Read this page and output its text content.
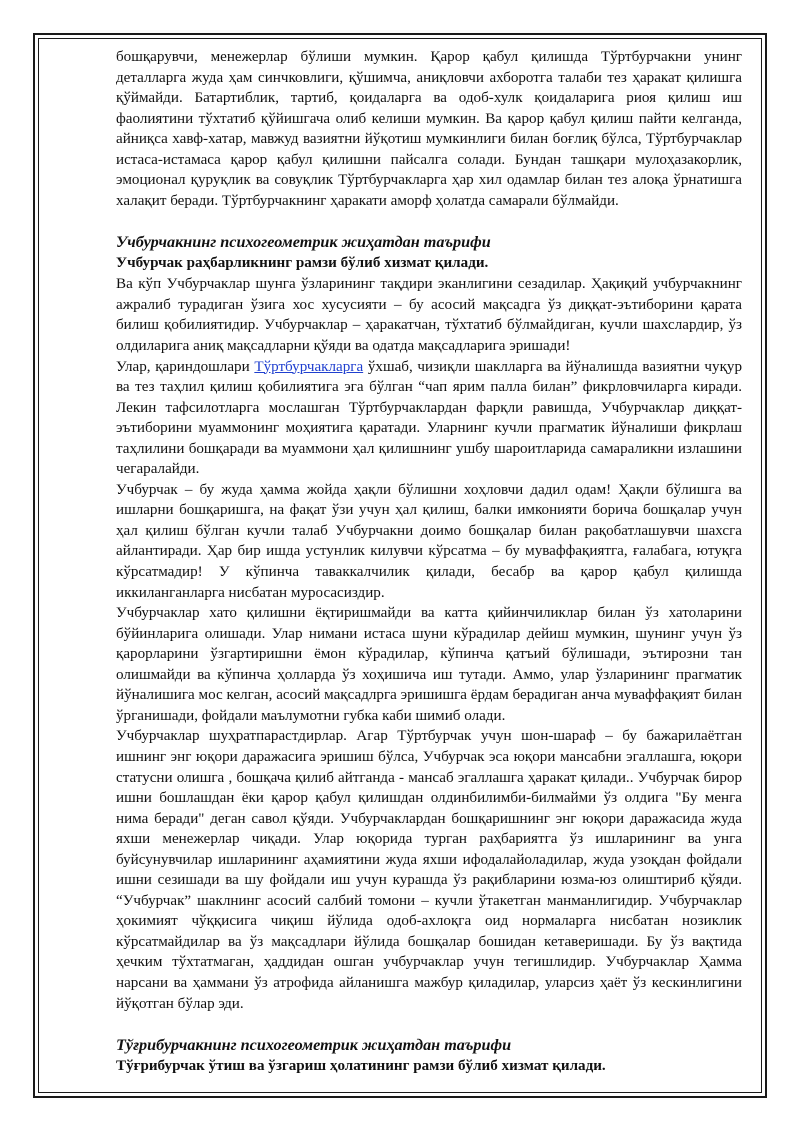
бошқарувчи, менежерлар бўлиши мумкин. Қарор қабул қилишда Тўртбурчакни унинг деталларга жуда ҳам синчковлиги, қўшимча, аниқловчи ахборотга талаби тез ҳаракат қилишга қўймайди. Батартиблик, тартиб, қоидаларга ва одоб-хулк қоидаларига риоя қилиш иш фаолиятини тўхтатиб қўйишгача олиб келиши мумкин. Ва қарор қабул қилиш пайти келганда, айниқса хавф-хатар, мавжуд вазиятни йўқотиш мумкинлиги билан боғлиқ бўлса, Тўртбурчаклар истаса-истамаса қарор қабул қилишни пайсалга солади. Бундан ташқари мулоҳазакорлик, эмоционал қуруқлик ва совуқлик Тўртбурчакларга ҳар хил одамлар билан тез алоқа ўрнатишга халақит беради. Тўртбурчакнинг ҳаракати аморф ҳолатда самарали бўлмайди.

Учбурчакнинг психогеометрик жиҳатдан таърифи
Учбурчак раҳбарликнинг рамзи бўлиб хизмат қилади.

Ва кўп Учбурчаклар шунга ўзларининг тақдири эканлигини сезадилар. Ҳақиқий учбурчакнинг ажралиб турадиган ўзига хос хусусияти – бу асосий мақсадга ўз диққат-эътиборини қарата билиш қобилиятидир. Учбурчаклар – ҳаракатчан, тўхтатиб бўлмайдиган, кучли шахслардир, ўз олдиларига аниқ мақсадларни қўяди ва одатда мақсадларига эришади!

Улар, қариндошлари Тўртбурчакларга ўхшаб, чизиқли шаклларга ва йўналишда вазиятни чуқур ва тез таҳлил қилиш қобилиятига эга бўлган “чап ярим палла билан” фикрловчиларга киради. Лекин тафсилотларга мослашган Тўртбурчаклардан фарқли равишда, Учбурчаклар диққат-эътиборини муаммонинг моҳиятига қаратади. Уларнинг кучли прагматик йўналиши фикрлаш таҳлилини бошқаради ва муаммони ҳал қилишнинг ушбу шароитларида самараликни излашини чегаралайди.

Учбурчак – бу жуда ҳамма жойда ҳақли бўлишни хоҳловчи дадил одам! Ҳақли бўлишга ва ишларни бошқаришга, на фақат ўзи учун ҳал қилиш, балки имконияти борича бошқалар учун ҳал қилиш бўлган кучли талаб Учбурчакни доимо бошқалар билан рақобатлашувчи шахсга айлантиради. Ҳар бир ишда устунлик килувчи кўрсатма – бу муваффақиятга, ғалабага, ютуқга кўрсатмадир! У кўпинча таваккалчилик қилади, бесабр ва қарор қабул қилишда иккиланганларга нисбатан муросасиздир.

Учбурчаклар хато қилишни ёқтиришмайди ва катта қийинчиликлар билан ўз хатоларини бўйинларига олишади. Улар нимани истаса шуни кўрадилар дейиш мумкин, шунинг учун ўз қарорларини ўзгартиришни ёмон кўрадилар, кўпинча қатъий бўлишади, эътирозни тан олишмайди ва кўпинча ҳолларда ўз хоҳишича иш тутади. Аммо, улар ўзларининг прагматик йўналишига мос келган, асосий мақсадлрга эришишга ёрдам берадиган анча муваффақият билан ўрганишади, фойдали маълумотни губка каби шимиб олади.

Учбурчаклар шуҳратпарастдирлар. Агар Тўртбурчак учун шон-шараф – бу бажарилаётган ишнинг энг юқори даражасига эришиш бўлса, Учбурчак эса юқори мансабни эгаллашга, юқори статусни олишга , бошқача қилиб айтганда - мансаб эгаллашга ҳаракат қилади.. Учбурчак бирор ишни бошлашдан ёки қарор қабул қилишдан олдинбилимби-билмайми ўз олдига "Бу менга нима беради" деган савол қўяди. Учбурчаклардан бошқаришнинг энг юқори даражасида жуда яхши менежерлар чиқади. Улар юқорида турган раҳбариятга ўз ишларининг ва унга буйсунувчилар ишларининг аҳамиятини жуда яхши ифодалайоладилар, жуда узоқдан фойдали ишни сезишади ва шу фойдали иш учун курашда ўз рақибларини юзма-юз олиштириб қўяди. “Учбурчак” шаклнинг асосий салбий томони – кучли ўтакетган манманлигидир. Учбурчаклар ҳокимият чўққисига чиқиш йўлида одоб-ахлоқга оид нормаларга нисбатан нозиклик кўрсатмайдилар ва ўз мақсадлари йўлида бошқалар бошидан кетаверишади. Бу ўз вақтида ҳечким тўхтатмаган, ҳаддидан ошган учбурчаклар учун тегишлидир. Учбурчаклар Ҳамма нарсани ва ҳаммани ўз атрофида айланишга мажбур қиладилар, уларсиз ҳаёт ўз кескинлигини йўқотган бўлар эди.

Тўғрибурчакнинг психогеометрик жиҳатдан таърифи
Тўғрибурчак ўтиш ва ўзгариш ҳолатининг рамзи бўлиб хизмат қилади.
